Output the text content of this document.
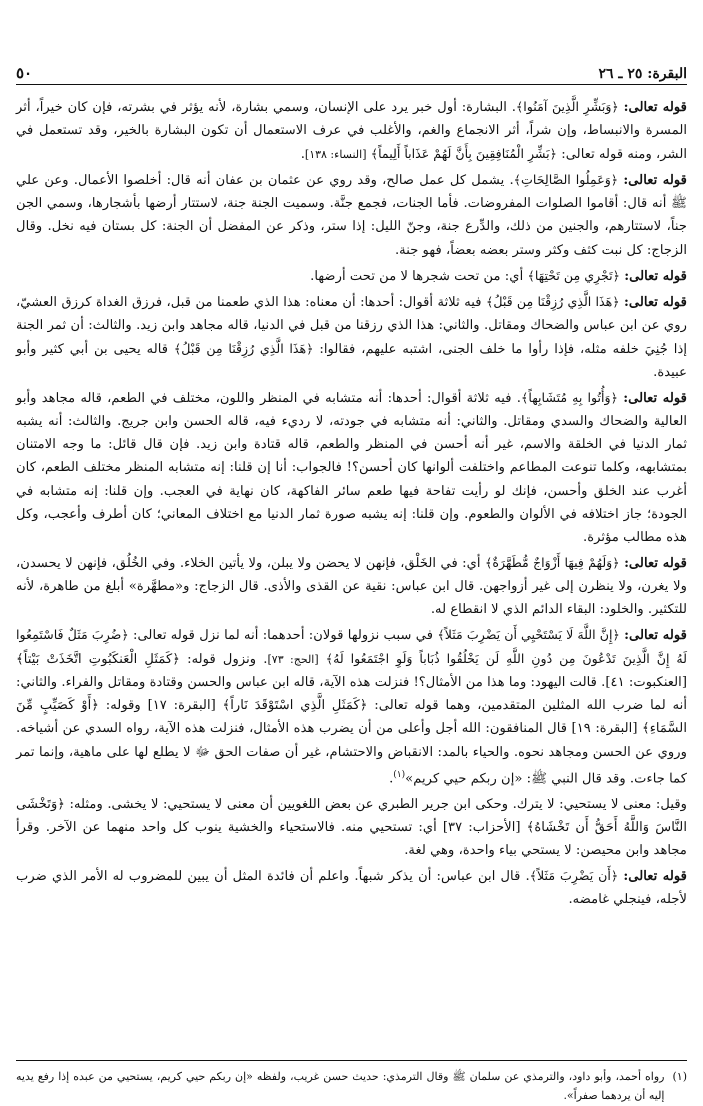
٥٠	البقرة: ٢٥ ـ ٢٦

قوله تعالى: ﴿وَبَشِّرِ الَّذِينَ آمَنُوا﴾. البشارة: أول خبر يرد على الإنسان، وسمي بشارة، لأنه يؤثر في بشرته، فإن كان خيراً، أثر المسرة والانبساط، وإن شراً، أثر الانجماع والغم، والأغلب في عرف الاستعمال أن تكون البشارة بالخير، وقد تستعمل في الشر، ومنه قوله تعالى: ﴿بَشِّرِ الْمُنَافِقِينَ بِأَنَّ لَهُمْ عَذَاباً أَلِيماً﴾ [النساء: ١٣٨].

قوله تعالى: ﴿وَعَمِلُوا الصَّالِحَاتِ﴾. يشمل كل عمل صالح، وقد روي عن عثمان بن عفان أنه قال: أخلصوا الأعمال. وعن علي ﷺ أنه قال: أقاموا الصلوات المفروضات. فأما الجنات، فجمع جنَّة. وسميت الجنة جنة، لاستتار أرضها بأشجارها، وسمي الجن جناً، لاستتارهم، والجنين من ذلك، والدِّرع جنة، وجنّ الليل: إذا ستر، وذكر عن المفضل أن الجنة: كل بستان فيه نخل. وقال الزجاج: كل نبت كثف وكثر وستر بعضه بعضاً، فهو جنة.

قوله تعالى: ﴿تَجْرِي مِن تَحْتِهَا﴾ أي: من تحت شجرها لا من تحت أرضها.

قوله تعالى: ﴿هَذَا الَّذِي رُزِقْنَا مِن قَبْلُ﴾ فيه ثلاثة أقوال: أحدها: أن معناه: هذا الذي طعمنا من قبل، فرزق الغداة كرزق العشيّ، روي عن ابن عباس والضحاك ومقاتل. والثاني: هذا الذي رزقنا من قبل في الدنيا، قاله مجاهد وابن زيد. والثالث: أن ثمر الجنة إذا جُنِيَ خلفه مثله، فإذا رأوا ما خلف الجنى، اشتبه عليهم، فقالوا: ﴿هَذَا الَّذِي رُزِقْنَا مِن قَبْلُ﴾ قاله يحيى بن أبي كثير وأبو عبيدة.

قوله تعالى: ﴿وَأُتُوا بِهِ مُتَشَابِهاً﴾. فيه ثلاثة أقوال: أحدها: أنه متشابه في المنظر واللون، مختلف في الطعم، قاله مجاهد وأبو العالية والضحاك والسدي ومقاتل. والثاني: أنه متشابه في جودته، لا رديء فيه، قاله الحسن وابن جريج. والثالث: أنه يشبه ثمار الدنيا في الخلقة والاسم، غير أنه أحسن في المنظر والطعم، قاله قتادة وابن زيد. فإن قال قائل: ما وجه الامتنان بمتشابهه، وكلما تنوعت المطاعم واختلفت ألوانها كان أحسن؟! فالجواب: أنا إن قلنا: إنه متشابه المنظر مختلف الطعم، كان أغرب عند الخلق وأحسن، فإنك لو رأيت تفاحة فيها طعم سائر الفاكهة، كان نهاية في العجب. وإن قلنا: إنه متشابه في الجودة؛ جاز اختلافه في الألوان والطعوم. وإن قلنا: إنه يشبه صورة ثمار الدنيا مع اختلاف المعاني؛ كان أطرف وأعجب، وكل هذه مطالب مؤثرة.

قوله تعالى: ﴿وَلَهُمْ فِيهَا أَزْوَاجٌ مُّطَهَّرَةٌ﴾ أي: في الخَلْق، فإنهن لا يحضن ولا يبلن، ولا يأتين الخلاء. وفي الخُلُق، فإنهن لا يحسدن، ولا يغرن، ولا ينظرن إلى غير أزواجهن. قال ابن عباس: نقية عن القذى والأذى. قال الزجاج: و«مطهَّرة» أبلغ من طاهرة، لأنه للتكثير. والخلود: البقاء الدائم الذي لا انقطاع له.

قوله تعالى: ﴿إِنَّ اللَّهَ لَا يَسْتَحْيِي أَن يَضْرِبَ مَثَلاً﴾ في سبب نزولها قولان: أحدهما: أنه لما نزل قوله تعالى: ﴿ضُرِبَ مَثَلٌ فَاسْتَمِعُوا لَهُ إِنَّ الَّذِينَ تَدْعُونَ مِن دُونِ اللَّهِ لَن يَخْلُقُوا ذُبَاباً وَلَوِ اجْتَمَعُوا لَهُ﴾ [الحج: ٧٣]. ونزول قوله: ﴿كَمَثَلِ الْعَنكَبُوتِ اتَّخَذَتْ بَيْتاً﴾ [العنكبوت: ٤١]. قالت اليهود: وما هذا من الأمثال؟! فنزلت هذه الآية، قاله ابن عباس والحسن وقتادة ومقاتل والفراء. والثاني: أنه لما ضرب الله المثلين المتقدمين، وهما قوله تعالى: ﴿كَمَثَلِ الَّذِي اسْتَوْقَدَ نَاراً﴾ [البقرة: ١٧] وقوله: ﴿أَوْ كَصَيِّبٍ مِّنَ السَّمَاءِ﴾ [البقرة: ١٩] قال المنافقون: الله أجل وأعلى من أن يضرب هذه الأمثال، فنزلت هذه الآية، رواه السدي عن أشياخه. وروي عن الحسن ومجاهد نحوه. والحياء بالمد: الانقباض والاحتشام، غير أن صفات الحق ﷻ لا يطلع لها على ماهية، وإنما تمر كما جاءت. وقد قال النبي ﷺ: «إن ربكم حيي كريم»$^{(١)}$.

وقيل: معنى لا يستحيي: لا يترك. وحكى ابن جرير الطبري عن بعض اللغويين أن معنى لا يستحيي: لا يخشى. ومثله: ﴿وَتَخْشَى النَّاسَ وَاللَّهُ أَحَقُّ أَن تَخْشَاهُ﴾ [الأحزاب: ٣٧] أي: تستحيي منه. فالاستحياء والخشية ينوب كل واحد منهما عن الآخر. وقرأ مجاهد وابن محيصن: لا يستحي بياء واحدة، وهي لغة.

قوله تعالى: ﴿أَن يَضْرِبَ مَثَلاً﴾. قال ابن عباس: أن يذكر شبهاً. واعلم أن فائدة المثل أن يبين للمضروب له الأمر الذي ضرب لأجله، فينجلي غامضه.

(١)
رواه أحمد، وأبو داود، والترمذي عن سلمان ﷺ وقال الترمذي: حديث حسن غريب، ولفظه «إن ربكم حيي كريم، يستحيي من عبده إذا رفع يديه إليه أن يردهما صفراً».
